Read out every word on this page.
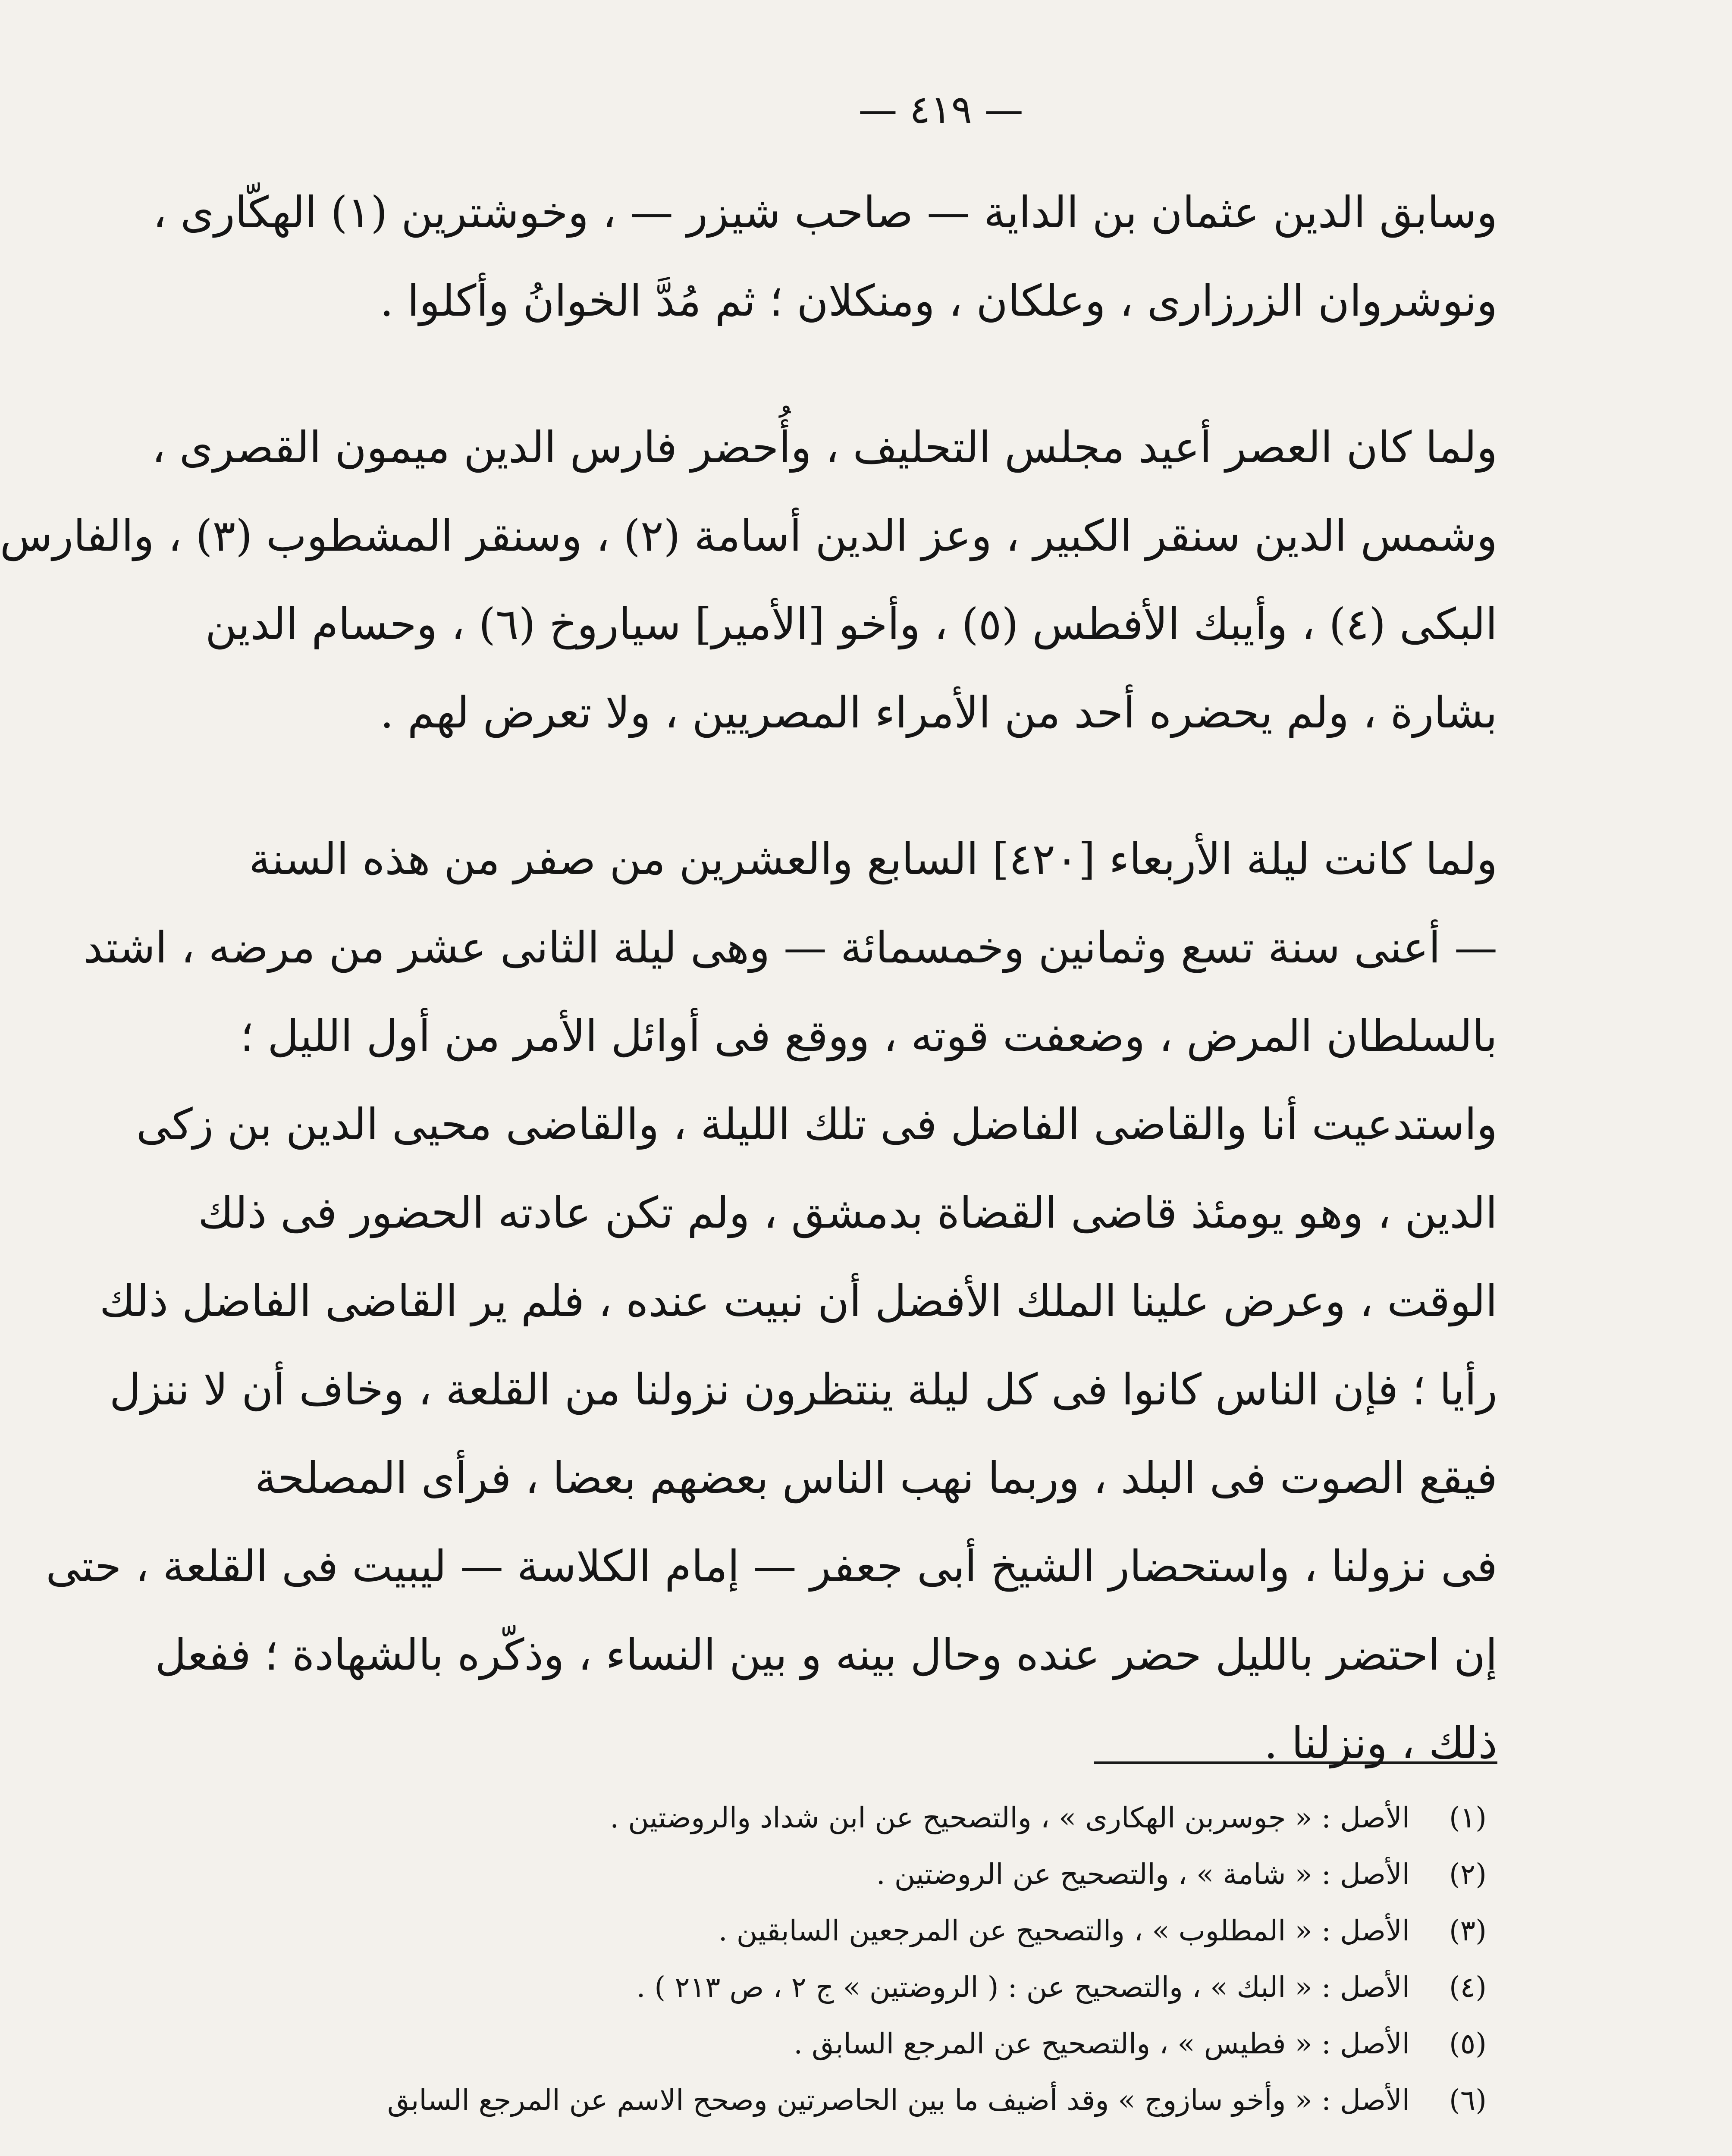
— ٤١٩ —
وسابق الدين عثمان بن الداية — صاحب شيزر — ، وخوشترين (١) الهكّارى ،
ونوشروان الزرزارى ، وعلكان ، ومنكلان ؛ ثم مُدَّ الخوانُ وأكلوا .
ولما كان العصر أعيد مجلس التحليف ، وأُحضر فارس الدين ميمون القصرى ،
وشمس الدين سنقر الكبير ، وعز الدين أسامة (٢) ، وسنقر المشطوب (٣) ، والفارس
البكى (٤) ، وأيبك الأفطس (٥) ، وأخو [الأمير] سياروخ (٦) ، وحسام الدين
بشارة ، ولم يحضره أحد من الأمراء المصريين ، ولا تعرض لهم .
ولما كانت ليلة الأربعاء [٤٢٠] السابع والعشرين من صفر من هذه السنة
— أعنى سنة تسع وثمانين وخمسمائة — وهى ليلة الثانى عشر من مرضه ، اشتد
بالسلطان المرض ، وضعفت قوته ، ووقع فى أوائل الأمر من أول الليل ؛
واستدعيت أنا والقاضى الفاضل فى تلك الليلة ، والقاضى محيى الدين بن زكى
الدين ، وهو يومئذ قاضى القضاة بدمشق ، ولم تكن عادته الحضور فى ذلك
الوقت ، وعرض علينا الملك الأفضل أن نبيت عنده ، فلم ير القاضى الفاضل ذلك
رأيا ؛ فإن الناس كانوا فى كل ليلة ينتظرون نزولنا من القلعة ، وخاف أن لا ننزل
فيقع الصوت فى البلد ، وربما نهب الناس بعضهم بعضا ، فرأى المصلحة
فى نزولنا ، واستحضار الشيخ أبى جعفر — إمام الكلاسة — ليبيت فى القلعة ، حتى
إن احتضر بالليل حضر عنده وحال بينه و بين النساء ، وذكّره بالشهادة ؛ ففعل
ذلك ، ونزلنا .
(١) الأصل : « جوسربن الهكارى » ، والتصحيح عن ابن شداد والروضتين .
(٢) الأصل : « شامة » ، والتصحيح عن الروضتين .
(٣) الأصل : « المطلوب » ، والتصحيح عن المرجعين السابقين .
(٤) الأصل : « البك » ، والتصحيح عن : ( الروضتين » ج ٢ ، ص ٢١٣ ) .
(٥) الأصل : « فطيس » ، والتصحيح عن المرجع السابق .
(٦) الأصل : « وأخو سازوج » وقد أضيف ما بين الحاصرتين وصحح الاسم عن المرجع السابق
